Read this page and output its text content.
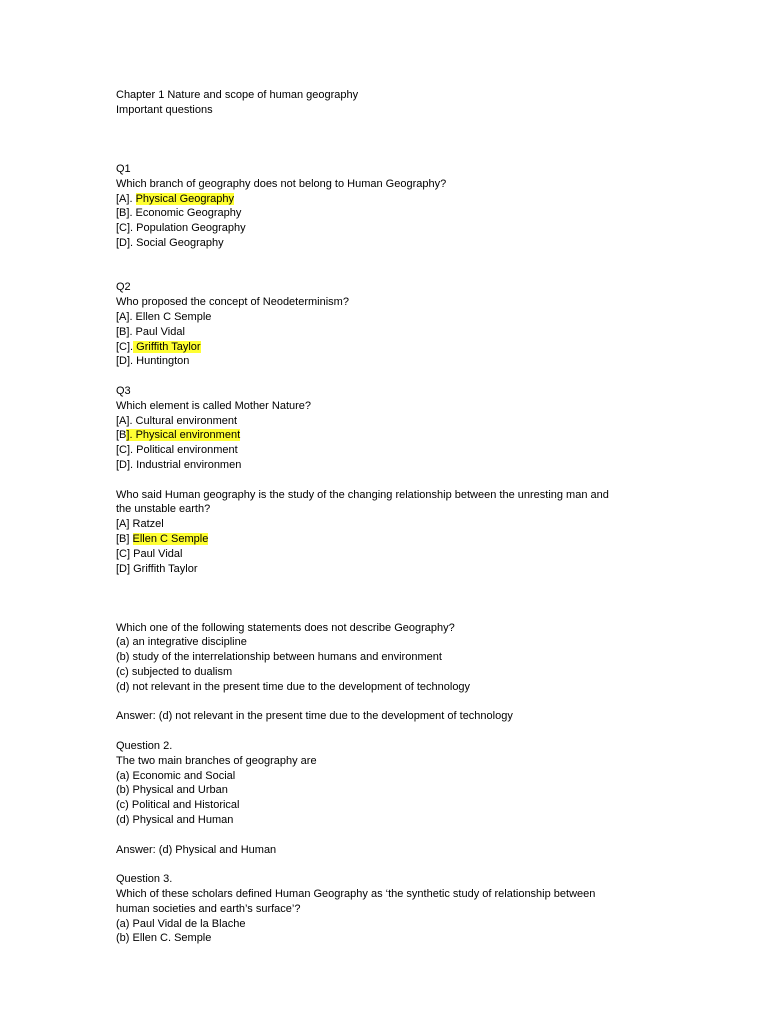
Chapter 1 Nature and scope of human geography
Important questions
Q1
Which branch of geography does not belong to Human Geography?
[A]. Physical Geography
[B]. Economic Geography
[C]. Population Geography
[D]. Social Geography
Q2
Who proposed the concept of Neodeterminism?
[A]. Ellen C Semple
[B]. Paul Vidal
[C]. Griffith Taylor
[D]. Huntington
Q3
Which element is called Mother Nature?
[A]. Cultural environment
[B]. Physical environment
[C]. Political environment
[D]. Industrial environmen
Who said Human geography is the study of the changing relationship between the unresting man and
the unstable earth?
[A] Ratzel
[B] Ellen C Semple
[C] Paul Vidal
[D] Griffith Taylor
Which one of the following statements does not describe Geography?
(a) an integrative discipline
(b) study of the interrelationship between humans and environment
(c) subjected to dualism
(d) not relevant in the present time due to the development of technology
Answer: (d) not relevant in the present time due to the development of technology
Question 2.
The two main branches of geography are
(a) Economic and Social
(b) Physical and Urban
(c) Political and Historical
(d) Physical and Human
Answer: (d) Physical and Human
Question 3.
Which of these scholars defined Human Geography as ‘the synthetic study of relationship between
human societies and earth’s surface’?
(a) Paul Vidal de la Blache
(b) Ellen C. Semple
